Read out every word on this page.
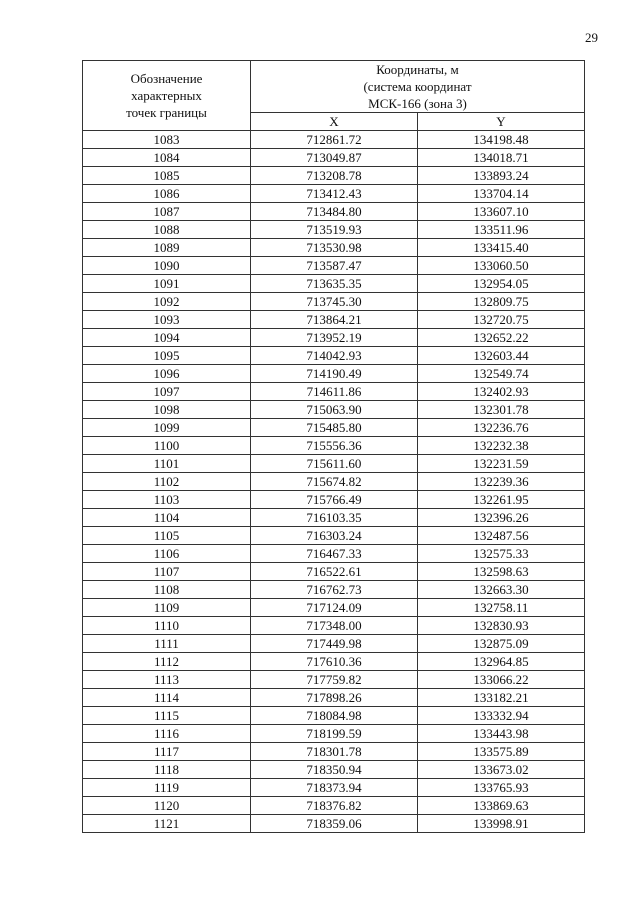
29
Обозначение
характерных
точек границы	Координаты, м
(система координат
МСК-166 (зона 3)	

	X	Y
1083	712861.72	134198.48
1084	713049.87	134018.71
1085	713208.78	133893.24
1086	713412.43	133704.14
1087	713484.80	133607.10
1088	713519.93	133511.96
1089	713530.98	133415.40
1090	713587.47	133060.50
1091	713635.35	132954.05
1092	713745.30	132809.75
1093	713864.21	132720.75
1094	713952.19	132652.22
1095	714042.93	132603.44
1096	714190.49	132549.74
1097	714611.86	132402.93
1098	715063.90	132301.78
1099	715485.80	132236.76
1100	715556.36	132232.38
1101	715611.60	132231.59
1102	715674.82	132239.36
1103	715766.49	132261.95
1104	716103.35	132396.26
1105	716303.24	132487.56
1106	716467.33	132575.33
1107	716522.61	132598.63
1108	716762.73	132663.30
1109	717124.09	132758.11
1110	717348.00	132830.93
1111	717449.98	132875.09
1112	717610.36	132964.85
1113	717759.82	133066.22
1114	717898.26	133182.21
1115	718084.98	133332.94
1116	718199.59	133443.98
1117	718301.78	133575.89
1118	718350.94	133673.02
1119	718373.94	133765.93
1120	718376.82	133869.63
1121	718359.06	133998.91
